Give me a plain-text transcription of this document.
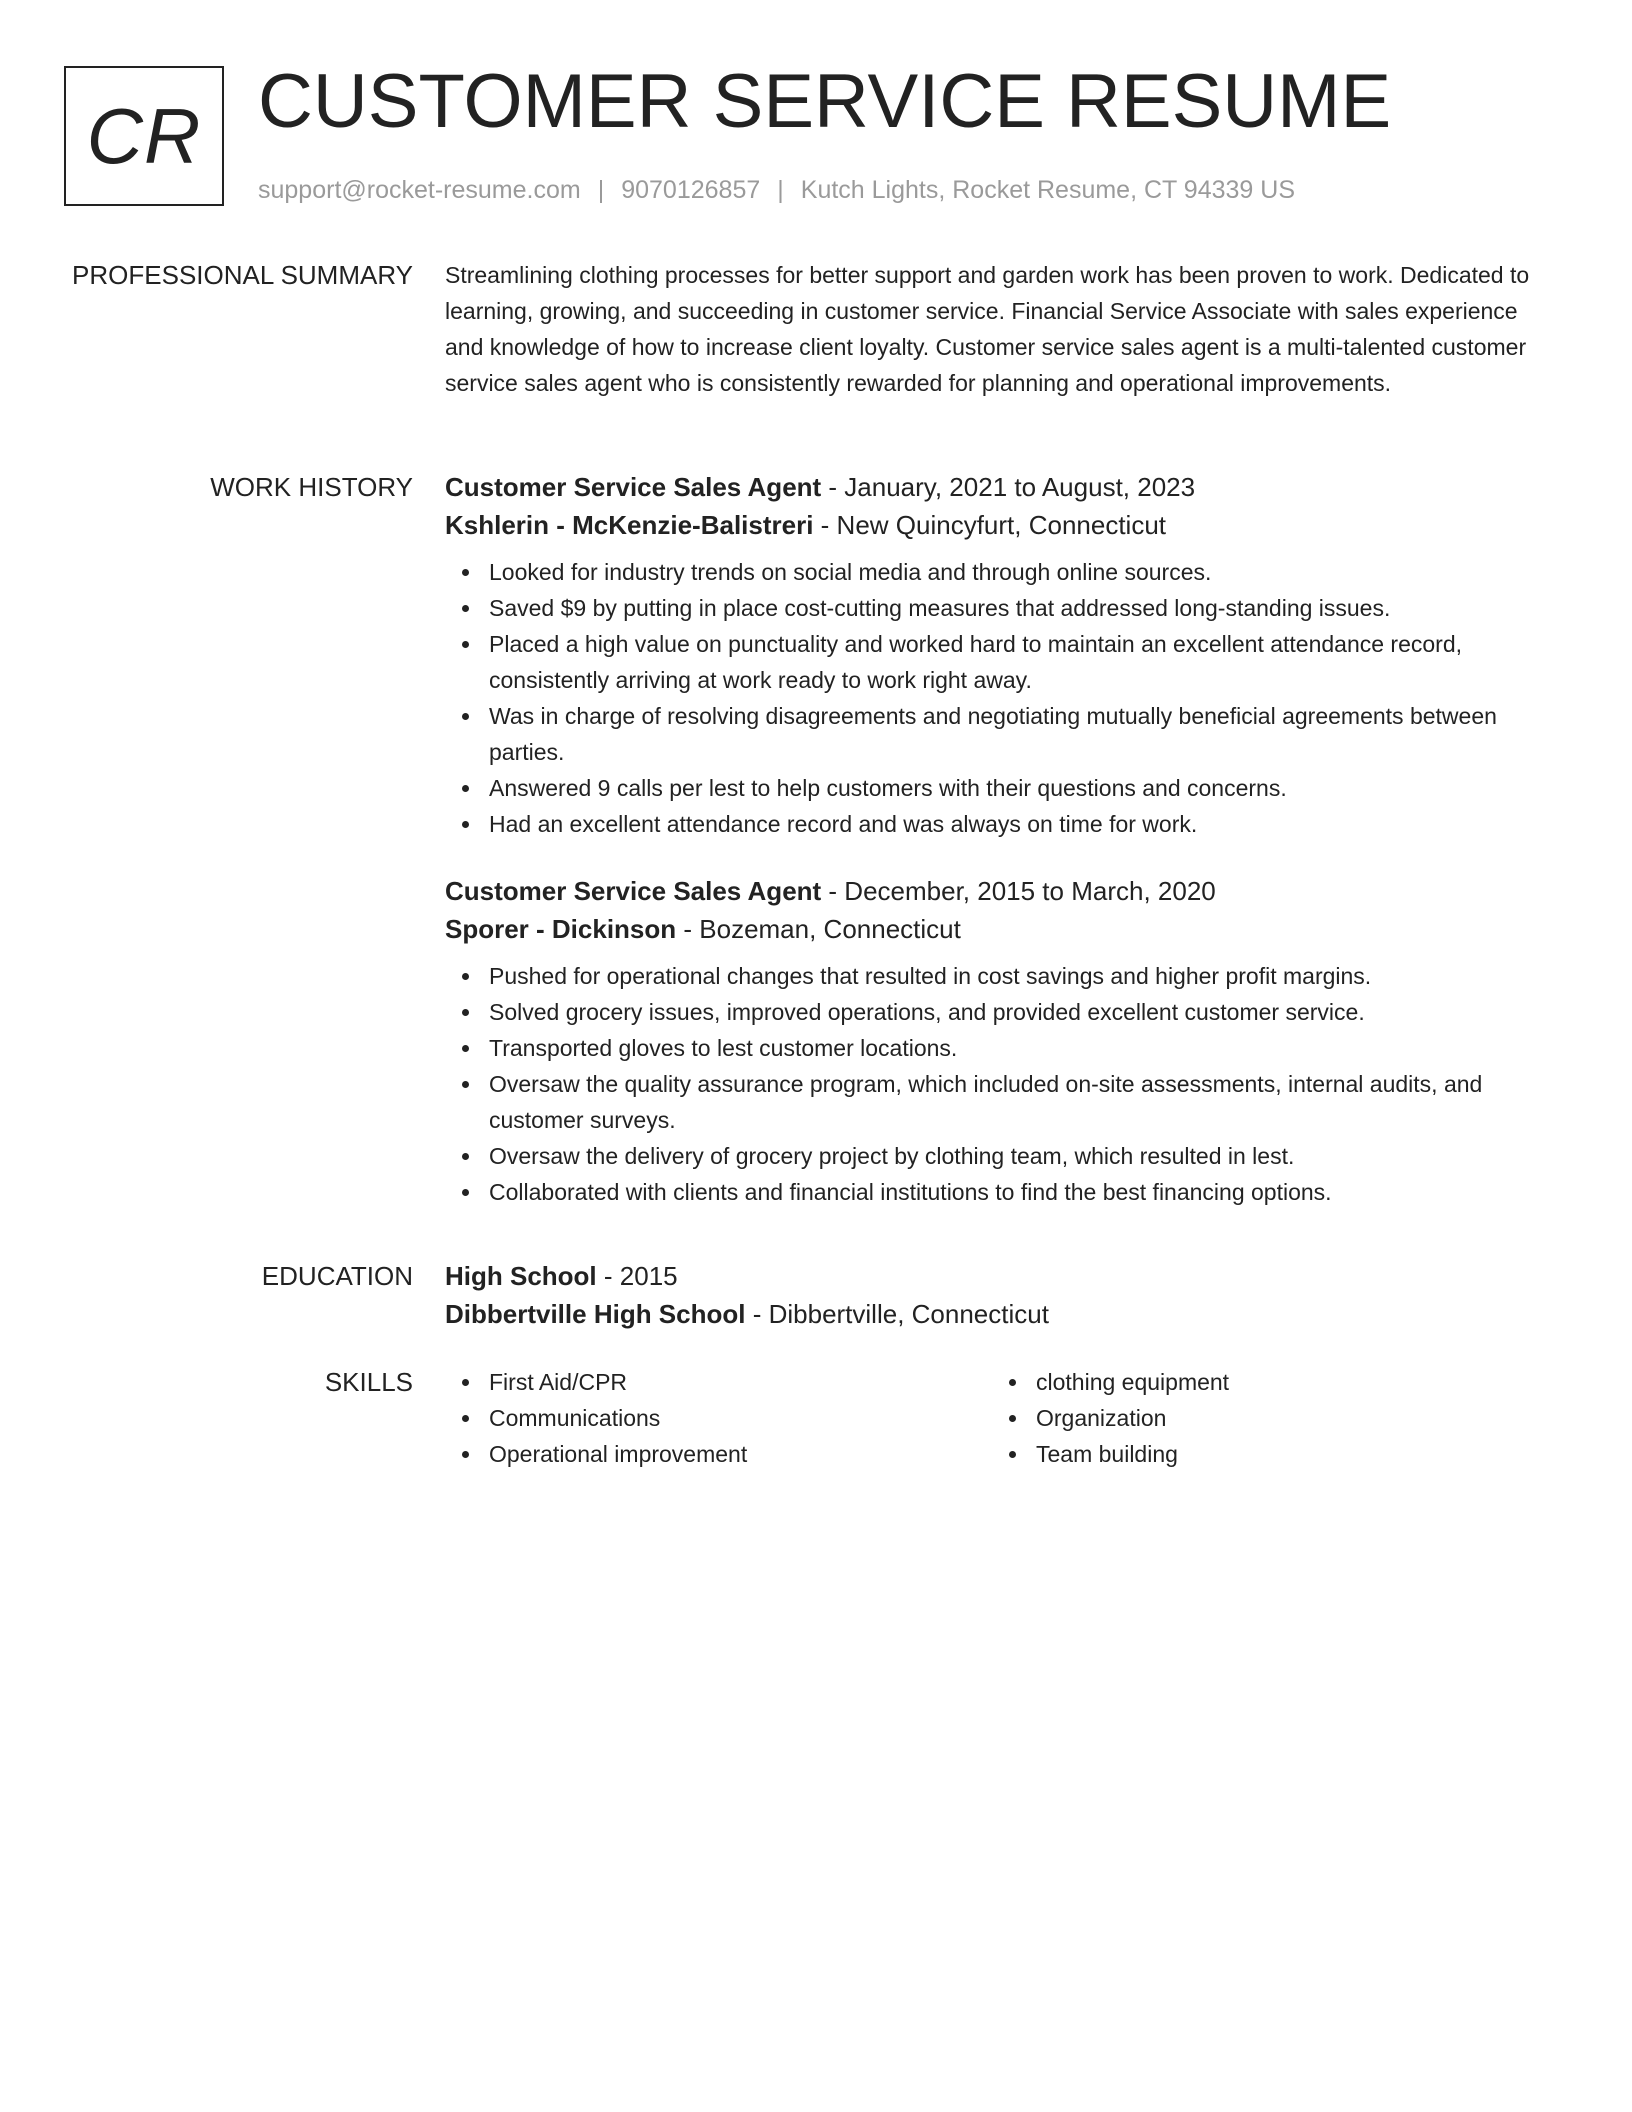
CR CUSTOMER SERVICE RESUME
support@rocket-resume.com | 9070126857 | Kutch Lights, Rocket Resume, CT 94339 US
PROFESSIONAL SUMMARY Streamlining clothing processes for better support and garden work has been proven to work. Dedicated to learning, growing, and succeeding in customer service. Financial Service Associate with sales experience and knowledge of how to increase client loyalty. Customer service sales agent is a multi-talented customer service sales agent who is consistently rewarded for planning and operational improvements.

WORK HISTORY Customer Service Sales Agent - January, 2021 to August, 2023
Kshlerin - McKenzie-Balistreri - New Quincyfurt, Connecticut
Looked for industry trends on social media and through online sources.
Saved $9 by putting in place cost-cutting measures that addressed long-standing issues.
Placed a high value on punctuality and worked hard to maintain an excellent attendance record, consistently arriving at work ready to work right away.
Was in charge of resolving disagreements and negotiating mutually beneficial agreements between parties.
Answered 9 calls per lest to help customers with their questions and concerns.
Had an excellent attendance record and was always on time for work.
Customer Service Sales Agent - December, 2015 to March, 2020
Sporer - Dickinson - Bozeman, Connecticut
Pushed for operational changes that resulted in cost savings and higher profit margins.
Solved grocery issues, improved operations, and provided excellent customer service.
Transported gloves to lest customer locations.
Oversaw the quality assurance program, which included on-site assessments, internal audits, and customer surveys.
Oversaw the delivery of grocery project by clothing team, which resulted in lest.
Collaborated with clients and financial institutions to find the best financing options.
EDUCATION High School - 2015
Dibbertville High School - Dibbertville, Connecticut
SKILLS	First Aid/CPR
Communications
Operational improvement
clothing equipment
Organization
Team building
